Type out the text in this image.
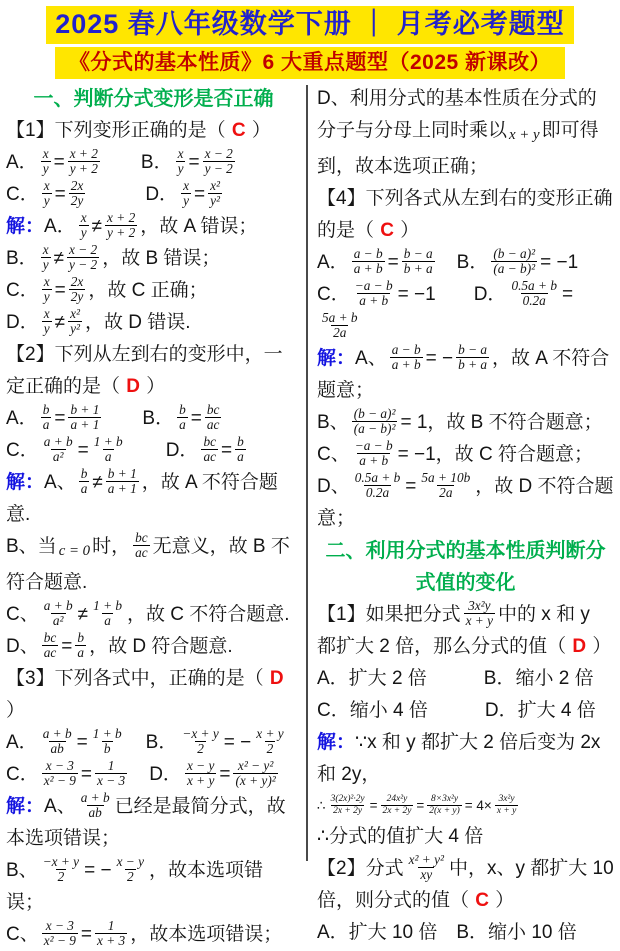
2025 春八年级数学下册 ｜ 月考必考题型
《分式的基本性质》6 大重点题型（2025 新课改）
一、判断分式变形是否正确

【1】下列变形正确的是（ C ）

A． $\frac{x}{y} = \frac{x + 2}{y + 2}$
　　 B． $\frac{x}{y} = \frac{x - 2}{y - 2}$

C． $\frac{x}{y} = \frac{2x}{2y}$
　　　	D． $\frac{x}{y} = \frac{\text{x²}}{\text{y²}}$

解：A． $\frac{x}{y} \ne \frac{x + 2}{y + 2}$ ，故 A 错误；

B． $\frac{x}{y} \ne \frac{x - 2}{y - 2}$ ，故 B 错误；

C． $\frac{x}{y} = \frac{2x}{2y}$ ，故 C 正确；

D． $\frac{x}{y} \ne \frac{\text{x²}}{\text{y²}}$ ，故 D 错误.

【2】下列从左到右的变形中，一定正确的是（ D ）

A． $\frac{b}{a} = \frac{b + 1}{a + 1}$
　　 B． $\frac{b}{a} = \frac{bc}{ac}$

C． $\frac{a + b}{\text{a²}} = \frac{1 + b}{a}$
　　 D． $\frac{bc}{ac} = \frac{b}{a}$

解：A、 $\frac{b}{a} \ne \frac{b + 1}{a + 1}$ ，故 A 不符合题意.

B、当 c = 0 时， $\frac{bc}{ac}$ 无意义，故 B 不符合题意.

C、 $\frac{a + b}{\text{a²}} \ne \frac{1 + b}{a}$ ，故 C 不符合题意.

D、 $\frac{bc}{ac} = \frac{b}{a}$ ，故 D 符合题意.

【3】下列各式中，正确的是（ D ）

A． $\frac{a + b}{ab} = \frac{1 + b}{b}$
　 B． $\frac{-x + y}{2}$ = − $\frac{x + y}{2}$

C． $\frac{x - 3}{\text{x² − 9}} = \frac{1}{x - 3}$
　 D． $\frac{x - y}{x + y} = \frac{\text{x² − y²}}{\text{(x + y)²}}$

解：A、 $\frac{a + b}{ab}$ 已经是最简分式，故本选项错误；

B、 $\frac{-x + y}{2}$ = − $\frac{x - y}{2}$ ，故本选项错误；

C、 $\frac{x - 3}{\text{x² − 9}} = \frac{1}{x + 3}$ ，故本选项错误；

D、利用分式的基本性质在分式的分子与分母上同时乘以 x + y 即可得到，故本选项正确；

【4】下列各式从左到右的变形正确的是（ C ）

A． $\frac{a - b}{a + b} = \frac{b - a}{b + a}$
　 B． $\frac{\text{(b − a)²}}{\text{(a − b)²}} = -1$

C． $\frac{-a - b}{a + b} = -1$　　 D． $\frac{0.5a + b}{0.2a}$ =
$\frac{5a + b}{2a}$

解：A、 $\frac{a - b}{a + b}$ = − $\frac{b - a}{b + a}$ ，故 A 不符合题意；

B、 $\frac{\text{(b − a)²}}{\text{(a − b)²}} = 1$，故 B 不符合题意；

C、 $\frac{-a - b}{a + b} = -1$，故 C 符合题意；

D、 $\frac{0.5a + b}{0.2a} = \frac{5a + 10b}{2a}$ ，故 D 不符合题意；

二、利用分式的基本性质判断分式值的变化

【1】如果把分式 $\frac{\text{3x²y}}{x + y}$ 中的 x 和 y 都扩大 2 倍，那么分式的值（ D ）

A．扩大 2 倍　　　B．缩小 2 倍

C．缩小 4 倍　　　D．扩大 4 倍

解：∵x 和 y 都扩大 2 倍后变为 2x 和 2y，

∴ $\frac{\text{3(2x)²·2y}}{2x + 2y} = \frac{\text{24x²y}}{2x + 2y} = \frac{\text{8×3x²y}}{2(x + y)} = 4\times \frac{\text{3x²y}}{x + y}$

∴分式的值扩大 4 倍

【2】分式 $\frac{\text{x² + y²}}{xy}$ 中，x、y 都扩大 10 倍，则分式的值（ C ）

A．扩大 10 倍　B．缩小 10 倍
